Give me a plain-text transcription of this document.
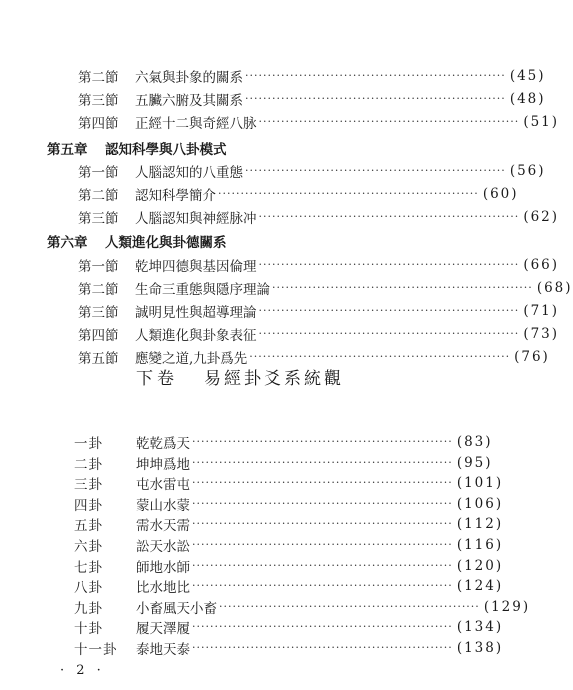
第二節	六氣與卦象的關系 ·························································· (45)
第三節	五臟六腑及其關系 ·························································· (48)
第四節	正經十二與奇經八脉 ·························································· (51)
第五章	認知科學與八卦模式
第一節	人腦認知的八重態 ·························································· (56)
第二節	認知科學簡介 ·························································· (60)
第三節	人腦認知與神經脉冲 ·························································· (62)
第六章	人類進化與卦德關系
第一節	乾坤四德與基因倫理 ·························································· (66)
第二節	生命三重態與隱序理論 ·························································· (68)
第三節	誠明見性與超導理論 ·························································· (71)
第四節	人類進化與卦象表征 ·························································· (73)
第五節	應變之道,九卦爲先 ·························································· (76)
下卷 易經卦爻系統觀
一卦	乾 乾爲天 ·························································· (83)
二卦	坤 坤爲地 ·························································· (95)
三卦	屯 水雷屯 ·························································· (101)
四卦	蒙 山水蒙 ·························································· (106)
五卦	需 水天需 ·························································· (112)
六卦	訟 天水訟 ·························································· (116)
七卦	師 地水師 ·························································· (120)
八卦	比 水地比 ·························································· (124)
九卦	小畜 風天小畜 ·························································· (129)
十卦	履 天澤履 ·························································· (134)
十一卦	泰 地天泰 ·························································· (138)
· 2 ·
